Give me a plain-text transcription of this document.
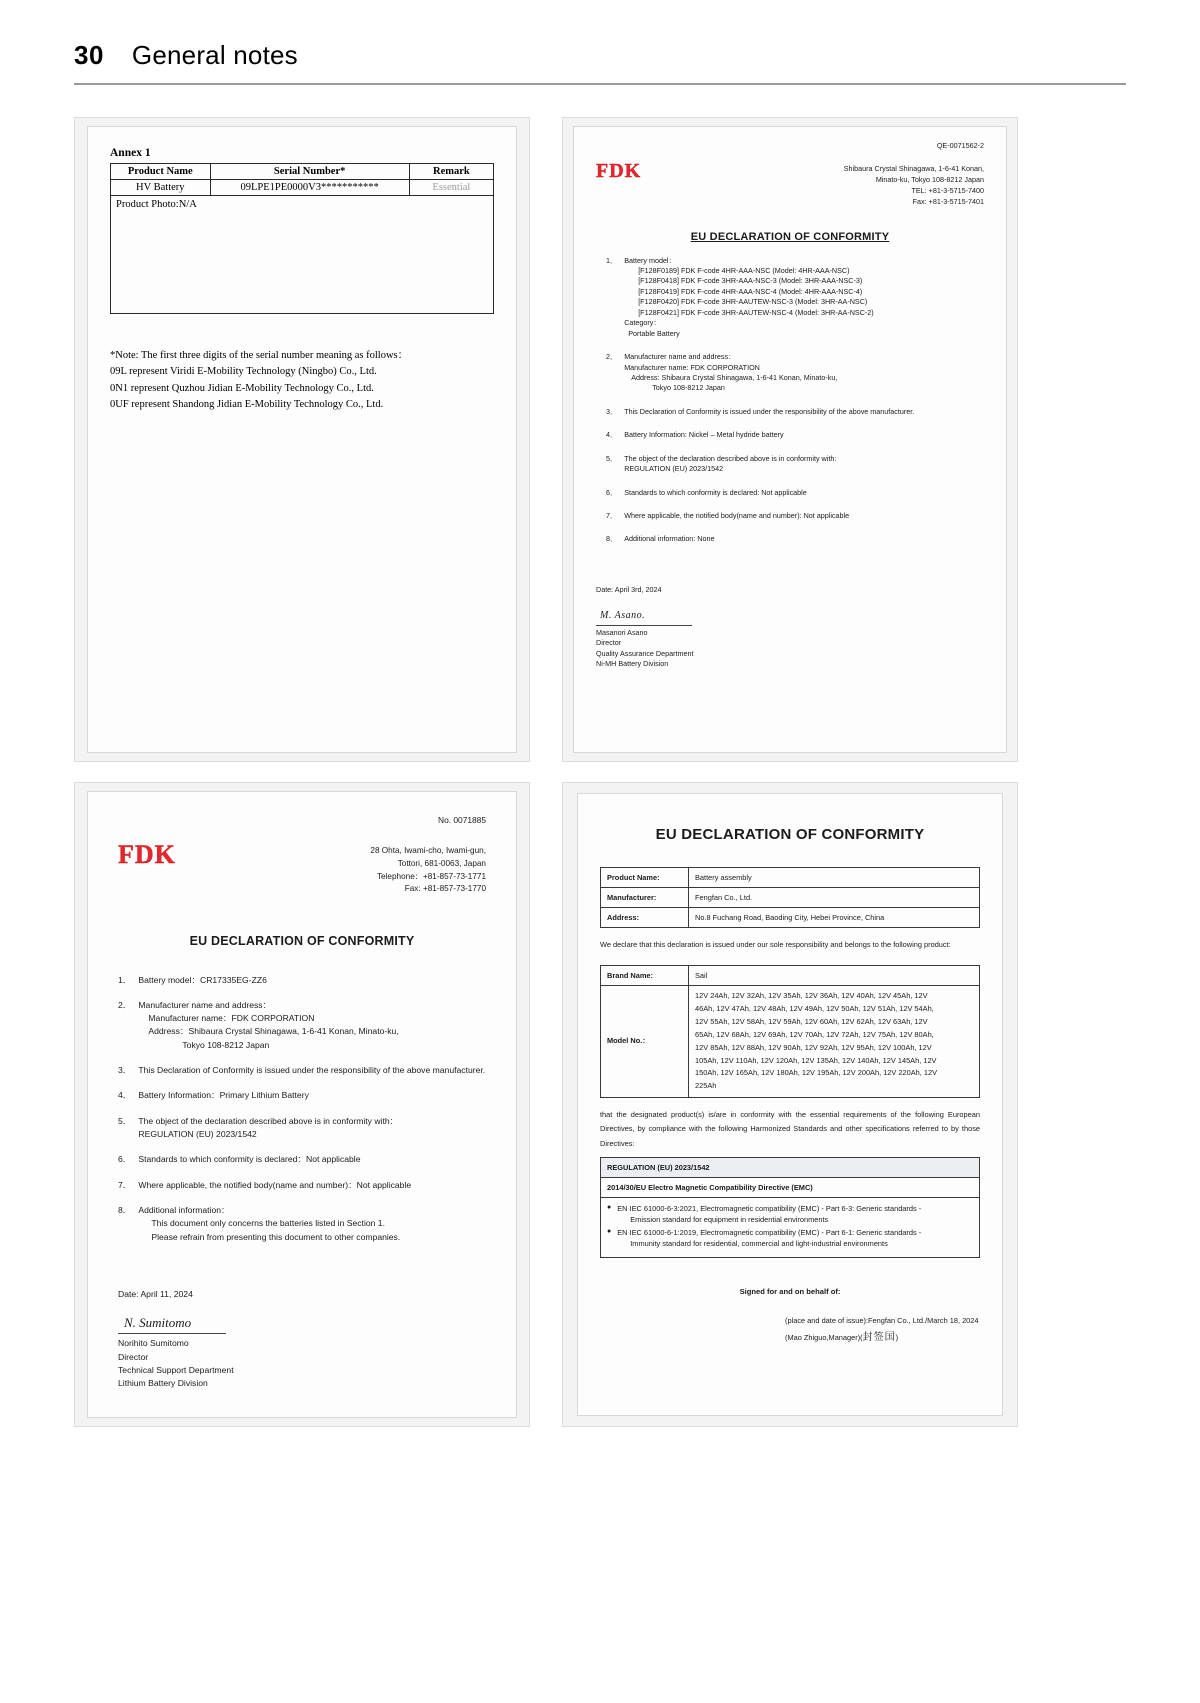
30 General notes
Annex 1
Product Name	Serial Number*	Remark
HV Battery	09LPE1PE0000V3***********	Essential
Product Photo:N/A		
*Note: The first three digits of the serial number meaning as follows：
09L represent Viridi E-Mobility Technology (Ningbo) Co., Ltd.
0N1 represent Quzhou Jidian E-Mobility Technology Co., Ltd.
0UF represent Shandong Jidian E-Mobility Technology Co., Ltd.
QE-0071562-2
FDK	Shibaura Crystal Shinagawa, 1-6-41 Konan,
Minato-ku, Tokyo 108-8212 Japan
TEL: +81-3-5715-7400
Fax: +81-3-5715-7401
EU DECLARATION OF CONFORMITY
1． Battery model：
[F128F0189] FDK F-code 4HR-AAA-NSC (Model: 4HR-AAA-NSC)
[F128F0418] FDK F-code 3HR-AAA-NSC-3 (Model: 3HR-AAA-NSC-3)
[F128F0419] FDK F-code 4HR-AAA-NSC-4 (Model: 4HR-AAA-NSC-4)
[F128F0420] FDK F-code 3HR-AAUTEW-NSC-3 (Model: 3HR-AA-NSC)
[F128F0421] FDK F-code 3HR-AAUTEW-NSC-4 (Model: 3HR-AA-NSC-2)
Category：
Portable Battery
2． Manufacturer name and address：
Manufacturer name: FDK CORPORATION
Address: Shibaura Crystal Shinagawa, 1-6-41 Konan, Minato-ku,
Tokyo 108-8212 Japan
3． This Declaration of Conformity is issued under the responsibility of the above manufacturer.
4． Battery Information: Nickel – Metal hydride battery
5． The object of the declaration described above is in conformity with:
REGULATION (EU) 2023/1542
6． Standards to which conformity is declared: Not applicable
7． Where applicable, the notified body(name and number): Not applicable
8． Additional information: None
Date: April 3rd, 2024
M. Asano.
Masanori Asano
Director
Quality Assurance Department
Ni-MH Battery Division
No. 0071885
FDK	28 Ohta, Iwami-cho, Iwami-gun,
Tottori, 681-0063, Japan
Telephone：+81-857-73-1771
Fax: +81-857-73-1770
EU DECLARATION OF CONFORMITY
1． Battery model：CR17335EG-ZZ6
2． Manufacturer name and address：
Manufacturer name：FDK CORPORATION
Address：Shibaura Crystal Shinagawa, 1-6-41 Konan, Minato-ku,
Tokyo 108-8212 Japan
3． This Declaration of Conformity is issued under the responsibility of the above manufacturer.
4． Battery Information：Primary Lithium Battery
5． The object of the declaration described above is in conformity with：
REGULATION (EU) 2023/1542
6． Standards to which conformity is declared：Not applicable
7． Where applicable, the notified body(name and number)：Not applicable
8． Additional information：
This document only concerns the batteries listed in Section 1.
Please refrain from presenting this document to other companies.
Date: April 11, 2024
N. Sumitomo
Norihito Sumitomo
Director
Technical Support Department
Lithium Battery Division
EU DECLARATION OF CONFORMITY
Product Name:	Battery assembly
Manufacturer:	Fengfan Co., Ltd.
Address:	No.8 Fuchang Road, Baoding City, Hebei Province, China
We declare that this declaration is issued under our sole responsibility and belongs to the following product:
Brand Name:	Sail
Model No.：	
12V 24Ah, 12V 32Ah, 12V 35Ah, 12V 36Ah, 12V 40Ah, 12V 45Ah, 12V
46Ah, 12V 47Ah, 12V 48Ah, 12V 49Ah, 12V 50Ah, 12V 51Ah, 12V 54Ah,
12V 55Ah, 12V 58Ah, 12V 59Ah, 12V 60Ah, 12V 62Ah, 12V 63Ah, 12V
65Ah, 12V 68Ah, 12V 69Ah, 12V 70Ah, 12V 72Ah, 12V 75Ah, 12V 80Ah,
12V 85Ah, 12V 88Ah, 12V 90Ah, 12V 92Ah, 12V 95Ah, 12V 100Ah, 12V
105Ah, 12V 110Ah, 12V 120Ah, 12V 135Ah, 12V 140Ah, 12V 145Ah, 12V
150Ah, 12V 165Ah, 12V 180Ah, 12V 195Ah, 12V 200Ah, 12V 220Ah, 12V
225Ah
that the designated product(s) is/are in conformity with the essential requirements of the following European Directives, by compliance with the following Harmonized Standards and other specifications referred to by those Directives:
REGULATION (EU) 2023/1542
2014/30/EU Electro Magnetic Compatibility Directive (EMC)
● EN IEC 61000-6-3:2021, Electromagnetic compatibility (EMC) - Part 6-3: Generic standards -
Emission standard for equipment in residential environments
● EN IEC 61000-6-1:2019, Electromagnetic compatibility (EMC) - Part 6-1: Generic standards -
Immunity standard for residential, commercial and light-industrial environments
Signed for and on behalf of:
(place and date of issue):Fengfan Co., Ltd./March 18, 2024
(Mao Zhiguo,Manager)(封签国)
